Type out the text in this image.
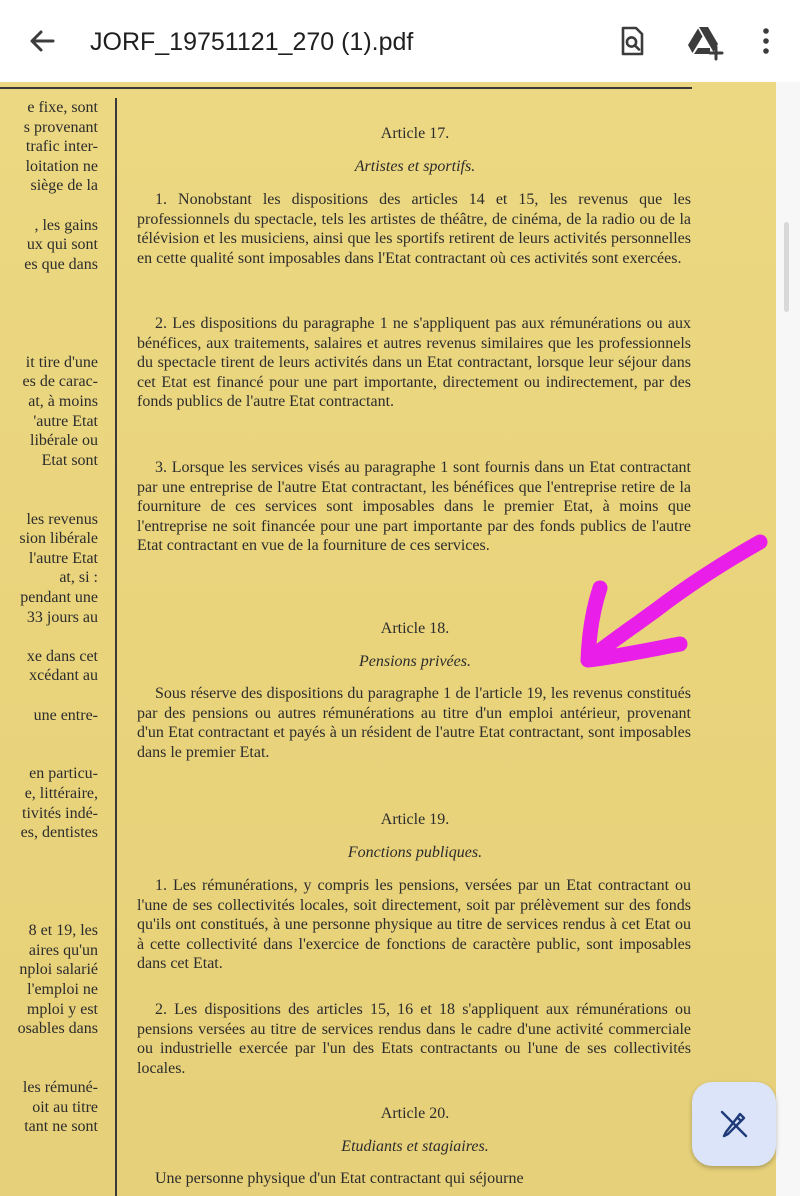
JORF_19751121_270 (1).pdf
e fixe, sont
s provenant
trafic inter-
loitation ne
siège de la
, les gains
ux qui sont
es que dans
it tire d'une
es de carac-
at, à moins
'autre Etat
libérale ou
Etat sont
les revenus
sion libérale
l'autre Etat
at, si :
pendant une
33 jours au
xe dans cet
xcédant au
une entre-
en particu-
e, littéraire,
tivités indé-
es, dentistes
8 et 19, les
aires qu'un
nploi salarié
l'emploi ne
mploi y est
osables dans
les rémuné-
oit au titre
tant ne sont
Article 17.
Artistes et sportifs.
1. Nonobstant les dispositions des articles 14 et 15, les revenus que les professionnels du spectacle, tels les artistes de théâtre, de cinéma, de la radio ou de la télévision et les musiciens, ainsi que les sportifs retirent de leurs activités personnelles en cette qualité sont imposables dans l'Etat contractant où ces activités sont exercées.
2. Les dispositions du paragraphe 1 ne s'appliquent pas aux rémunérations ou aux bénéfices, aux traitements, salaires et autres revenus similaires que les professionnels du spectacle tirent de leurs activités dans un Etat contractant, lorsque leur séjour dans cet Etat est financé pour une part importante, directement ou indirectement, par des fonds publics de l'autre Etat contractant.
3. Lorsque les services visés au paragraphe 1 sont fournis dans un Etat contractant par une entreprise de l'autre Etat contractant, les bénéfices que l'entreprise retire de la fourniture de ces services sont imposables dans le premier Etat, à moins que l'entreprise ne soit financée pour une part importante par des fonds publics de l'autre Etat contractant en vue de la fourniture de ces services.
Article 18.
Pensions privées.
Sous réserve des dispositions du paragraphe 1 de l'article 19, les revenus constitués par des pensions ou autres rémunérations au titre d'un emploi antérieur, provenant d'un Etat contractant et payés à un résident de l'autre Etat contractant, sont imposables dans le premier Etat.
Article 19.
Fonctions publiques.
1. Les rémunérations, y compris les pensions, versées par un Etat contractant ou l'une de ses collectivités locales, soit directement, soit par prélèvement sur des fonds qu'ils ont constitués, à une personne physique au titre de services rendus à cet Etat ou à cette collectivité dans l'exercice de fonctions de caractère public, sont imposables dans cet Etat.
2. Les dispositions des articles 15, 16 et 18 s'appliquent aux rémunérations ou pensions versées au titre de services rendus dans le cadre d'une activité commerciale ou industrielle exercée par l'un des Etats contractants ou l'une de ses collectivités locales.
Article 20.
Etudiants et stagiaires.
Une personne physique d'un Etat contractant qui séjourne
